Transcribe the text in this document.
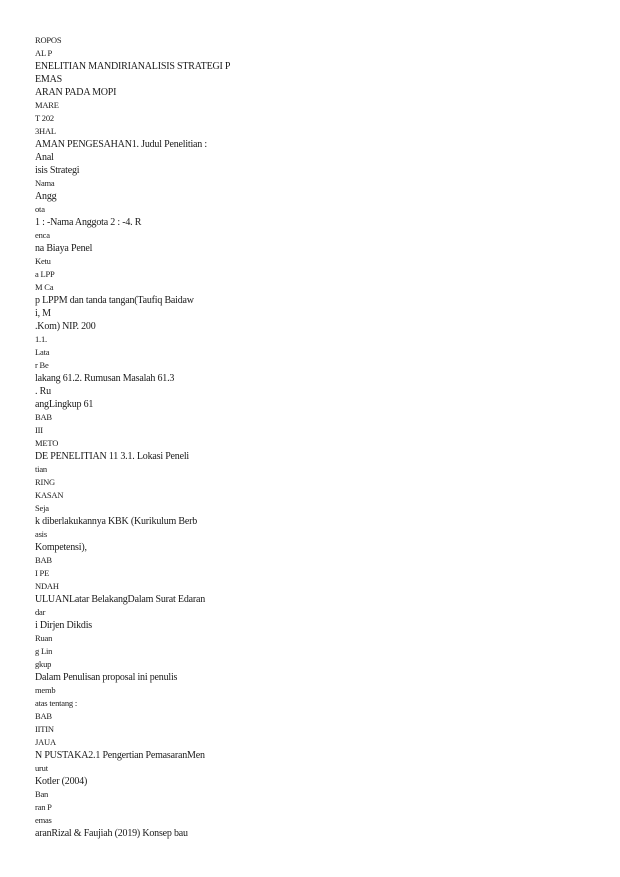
ROPOS
AL P
ENELITIAN MANDIRIANALISIS STRATEGI P
EMAS
ARAN PADA MOPI
MARE
T 202
3HAL
AMAN PENGESAHAN1. Judul Penelitian :
Anal
isis Strategi
Nama
Angg
ota
1 : -Nama Anggota 2 : -4. R
enca
na Biaya Penel
Ketu
a LPP
M Ca
p LPPM dan tanda tangan(Taufiq Baidaw
i, M
.Kom) NIP. 200
1.1.
Lata
r Be
lakang 61.2. Rumusan Masalah 61.3
. Ru
angLingkup 61
BAB
III
METO
DE PENELITIAN 11 3.1. Lokasi Peneli
tian
RING
KASAN
Seja
k diberlakukannya KBK (Kurikulum Berb
asis
Kompetensi),
BAB
I PE
NDAH
ULUANLatar BelakangDalam Surat Edaran
dar
i Dirjen Dikdis
Ruan
g Lin
gkup
Dalam Penulisan proposal ini penulis
memb
atas tentang :
BAB
IITIN
JAUA
N PUSTAKA2.1 Pengertian PemasaranMen
urut
Kotler (2004)
Ban
ran P
emas
aranRizal & Faujiah (2019) Konsep bau
